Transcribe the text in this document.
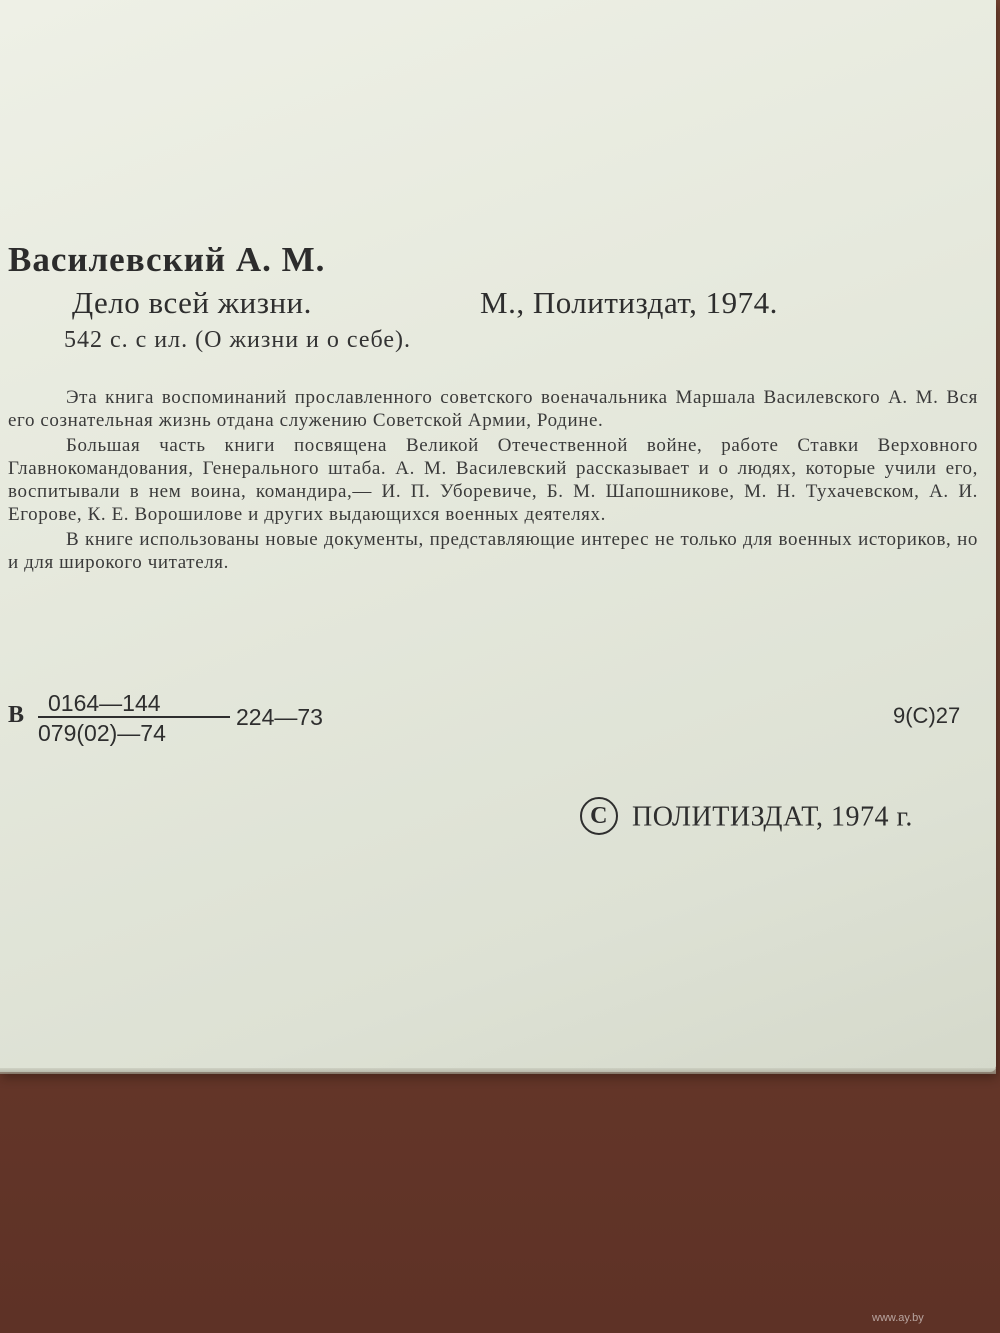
Василевский А. М.
Дело всей жизни.	М., Политиздат, 1974.
542 с. с ил. (О жизни и о себе).

Эта книга воспоминаний прославленного советского военачальника Маршала Василевского А. М. Вся его сознательная жизнь отдана служению Советской Армии, Родине.

Большая часть книги посвящена Великой Отечественной войне, работе Ставки Верховного Главнокомандования, Генерального штаба. А. М. Василевский рассказывает и о людях, которые учили его, воспитывали в нем воина, командира,— И. П. Уборевиче, Б. М. Шапошникове, М. Н. Тухачевском, А. И. Егорове, К. Е. Ворошилове и других выдающихся военных деятелях.

В книге использованы новые документы, представляющие интерес не только для военных историков, но и для широкого читателя.

В	0164—144
079(02)—74
224—73	9(С)27
C ПОЛИТИЗДАТ, 1974 г.
www.ay.by
